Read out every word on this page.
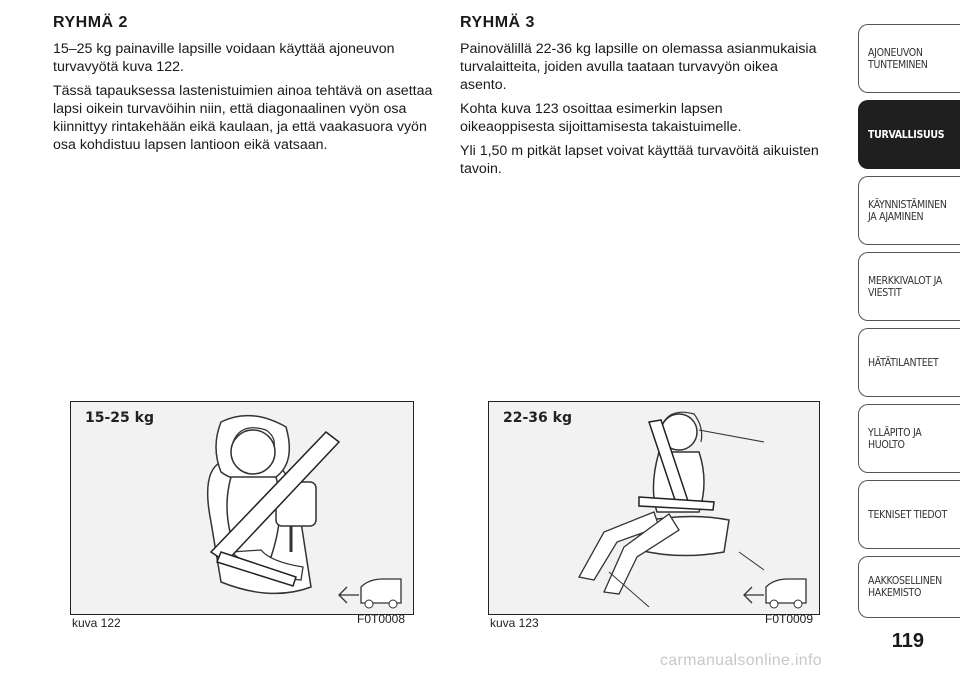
RYHMÄ 2

15–25 kg painaville lapsille voidaan käyttää ajoneuvon turvavyötä kuva 122.

Tässä tapauksessa lastenistuimien ainoa tehtävä on asettaa lapsi oikein turvavöihin niin, että diagonaalinen vyön osa kiinnittyy rintakehään eikä kaulaan, ja että vaakasuora vyön osa kohdistuu lapsen lantioon eikä vatsaan.

RYHMÄ 3

Painovälillä 22-36 kg lapsille on olemassa asianmukaisia turvalaitteita, joiden avulla taataan turvavyön oikea asento.

Kohta kuva 123 osoittaa esimerkin lapsen oikeaoppisesta sijoittamisesta takaistuimelle.

Yli 1,50 m pitkät lapset voivat käyttää turvavöitä aikuisten tavoin.

15-25 kg
kuva 122	F0T0008
22-36 kg
kuva 123	F0T0009
AJONEUVON
TUNTEMINEN
TURVALLISUUS
KÄYNNISTÄMINEN
JA AJAMINEN
MERKKIVALOT JA
VIESTIT
HÄTÄTILANTEET
YLLÄPITO JA HUOLTO
TEKNISET TIEDOT
AAKKOSELLINEN
HAKEMISTO
119
carmanualsonline.info
